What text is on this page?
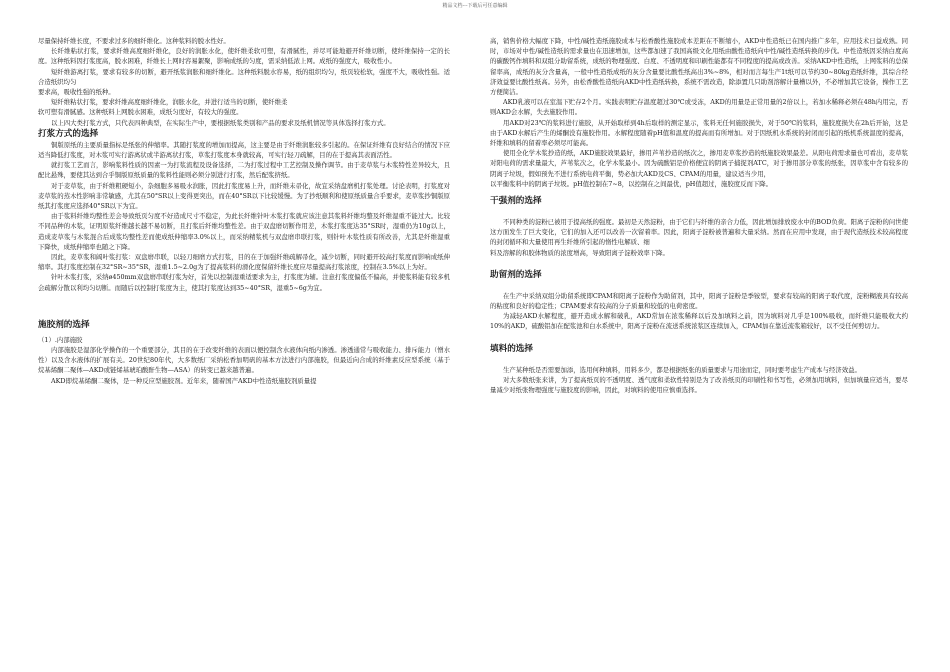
精品文档---下载后可任意编辑

尽量保持纤维长度，不要求过多的细纤维化。这种浆料的脱水性好。

长纤维粘状打浆，要求纤维高度细纤维化，良好的润胀水化，使纤维柔软可塑，有滑腻性，并尽可能地避开纤维切断，使纤维保持一定的长度。这种纸料因打浆度高，脱水困难，纤维长上网时容易絮聚，影响成纸的匀度，需采纳低浓上网。成纸的强度大，吸收性小。

短纤维游离打浆，要求有较多的切断，避开纸浆润胀和细纤维化。这种纸料脱水容易，纸的组织均匀，纸页较松软，强度不大，吸收性强。适合造纸织均匀

要求高，吸收性强的纸种。

短纤维粘状打浆，要求纤维高度细纤维化，润胀水化，并进行适当的切断，使纤维柔

软可塑有滑腻感。这种纸料上网脱水困难，成纸匀度好，有较大的强度。

以上四大类打浆方式，只代表四种典型，在实际生产中，要根据纸浆类别和产品的要求及纸机情况等具体选择打浆方式。

打浆方式的选择

铜版原纸的主要质量指标是纸张的伸缩率。其随打浆度的增加而提高，这主要是由于纤维润胀较多引起的。在保证纤维有良好结合的情况下应适当降低打浆度，对木浆可实行游离状或半游离状打浆，草浆打浆度本身就较高，可实行轻刀疏解，目的在于提高其表面活性。

就打浆工艺而言，影响浆料性质的因素一为打浆流程及设备选择，二为打浆过程中工艺控制及操作调节。由于麦草浆与木浆特性差异较大，且配比悬殊，要使其达到合乎铜版原纸质量的浆料性能则必须分别进行打浆，然后配浆挤纸。

对于麦草浆，由于纤维粗硬短小，杂细胞多易吸水润胀，因此打浆度易上升，而纤维未帚化，故宜采纳盘磨机打浆处理。讨论表明，打浆度对麦草浆的蒸木性影响非常敏感，尤其在50°SR以上变得更突出，而在40°SR以下比较缓慢。为了抄纸顺利和使原纸质量合乎要求，麦草浆抄铜版原纸其打浆度应选择40°SR以下为宜。

由于浆料纤维均整性差会导致纸页匀度不好造成尺寸不稳定，为此长纤维针叶木浆打浆就应该注意其浆料纤维均整及纤维湿重不能过大。比较不同品种的木浆，证明原浆纤维越长越不易切断，且打浆后纤维均整性差。由于双盘磨切断作用差，木浆打浆度达35°SR时，湿重仍为10g以上，造成麦草浆与木浆混合后成浆均整性差而使成纸伸缩率3.0%以上，而采纳精浆机与双盘磨串联打浆，则针叶木浆性质有所改善，尤其是纤维湿重下降快，成纸伸缩率也随之下降。

因此，麦草浆和阔叶浆打浆：双盘磨串联，以轻刀细磨方式打浆，目的在于加强纤维疏解帚化，减少切断，同时避开较高打浆度而影响成纸伸缩率。其打浆度控制在32°SR~35°SR，湿重1.5~2.0g为了提高浆料的滑化度保留纤维长度应尽量提高打浆浓度，控制在3.5%以上为好。

针叶木浆打浆，采纳ø450mm双盘磨串联打浆为好，首先以控制湿重适要求为主，打浆度为辅。注意打浆度偏低不偏高，并使浆料能有较多机会疏解分散以利均匀切断。而随后以控制打浆度为主，使其打浆度达到35~40°SR，湿重5~6g为宜。

施胶剂的选择

（1）.内部施胶

内部施胶是湿部化学操作的一个重要部分，其目的在于改变纤维的表面以便控制含水液体向纸内渗透。渗透通常与吸收能力、排斥能力（憎水性）以及含水液体的扩展有关。20世纪80年代，大多数纸厂采纳松香加明矾的基本方法进行内部施胶，但最近向合成的纤维素反应型系统（基于烷基烯酮二聚体—AKD或链烯基琥珀酸酐生物—ASA）的转变已越来越普遍。

AKD即烷基烯酮二聚体，是一种反应型施胶剂。近年来，随着国产AKD中性造纸施胶剂质量提

高，销售价格大幅度下降，中性/碱性造纸施胶成本与松香酸性施胶成本差距在不断缩小，AKD中性造纸已在国内推广多年，应用技术日益成熟。同时，市场对中性/碱性造纸的需求量也在迅速增加，这些都加速了我国高级文化用纸由酸性造纸向中性/碱性造纸转换的步伐。中性造纸因采纳白度高的碳酸钙作填料和双组分助留系统，成纸的物理强度、白度、不透明度和印刷性能都有不同程度的提高或改善。采纳AKD中性造纸，上网浆料的总保留率高，成纸的灰分含量高，一般中性造纸成纸的灰分含量要比酸性纸高出3%~8%，相对而言每生产1t纸可以节约30~80kg造纸纤维，其综合经济效益要比酸性纸高。另外，由松香酸性造纸向AKD中性造纸转换，系统不需改造，除添置几只助剂溶解计量槽以外，不必增加其它设备，操作工艺方便简洁。

AKD乳液可以在室温下贮存2个月。实践表明贮存温度超过30℃或受冻，AKD的用量是正常用量的2倍以上，若加水稀释必须在48h内用完，否则AKD会水解，失去施胶作用。

用AKD对23℃的浆料进行施胶，从开始取样到4h后取样的测定显示，浆料无任何施胶损失，对于50℃的浆料，施胶度损失在2h后开始，这是由于AKD水解后产生的烯酮没有施胶作用。水解程度随着pH值和温度的提高而有所增加。对于因纸机水系统的封闭而引起的纸机系统温度的提高，纤维和填料的留着率必须尽可能高。

使用全化学木浆抄造的纸，AKD施胶效果最好，掺用芦苇抄造的纸次之，掺用麦草浆抄造的纸施胶效果最差。从阳电荷需求量也可看出，麦草浆对阳电荷的需求量最大，芦苇浆次之，化学木浆最小。因为硫酸铝是价格便宜的阴离子捕捉剂ATC，对于掺用部分草浆的纸张，因草浆中含有较多的阴离子垃圾，假如预先不进行系统电荷平衡，势必加大AKD及CS、CPAM的用量，建议适当少用，

以平衡浆料中的阴离子垃圾。pH值控制在7~8，以控制在之间最优，pH值超过，施胶度反而下降。

干强剂的选择

不同种类的淀粉已被用于提高纸的强度。最初是天然淀粉，由于它们与纤维的亲合力低，因此增加排放废水中的BOD负荷。阳离子淀粉的问世使这方面发生了巨大变化，它们的加入还可以改善一次留着率。因此，阳离子淀粉被普遍和大量采纳。然而在应用中发现，由于现代造纸技术较高程度的封闭循环和大量使用再生纤维所引起的惰性电解质、细

料及溶解的和胶体物质的浓度增高，导致阳离子淀粉效率下降。

助留剂的选择

在生产中采纳双组分助留系统即CPAM和阳离子淀粉作为助留剂，其中，阳离子淀粉是季铵型，要求有较高的阳离子取代度，淀粉糊液具有较高的粘度和良好的稳定性；CPAM要求有较高的分子质量和较低的电荷密度。

为减轻AKD水解程度，避开造成水解和破乳，AKD常加在浓浆稀释以后及加填料之前，因为填料对几乎是100%吸收，而纤维只能吸收大约10%的AKD，硫酸铝加在配浆池和白水系统中，阳离子淀粉在流送系统浓浆区连续加入，CPAM加在靠近流浆箱较好，以不受任何剪切力。

填料的选择

生产某种纸是否需要加添，选用何种填料，用料多少，都是根据纸张的质量要求与用途而定，同时要考虑生产成本与经济效益。

对大多数纸张来讲，为了提高纸页的不透明度、透气度和柔软性特别是为了改善纸页的印刷性和书写性，必须加用填料，但加填量应适当，要尽量减少对纸张物理强度与施胶度的影响，因此，对填料的使用应慎重选择。
